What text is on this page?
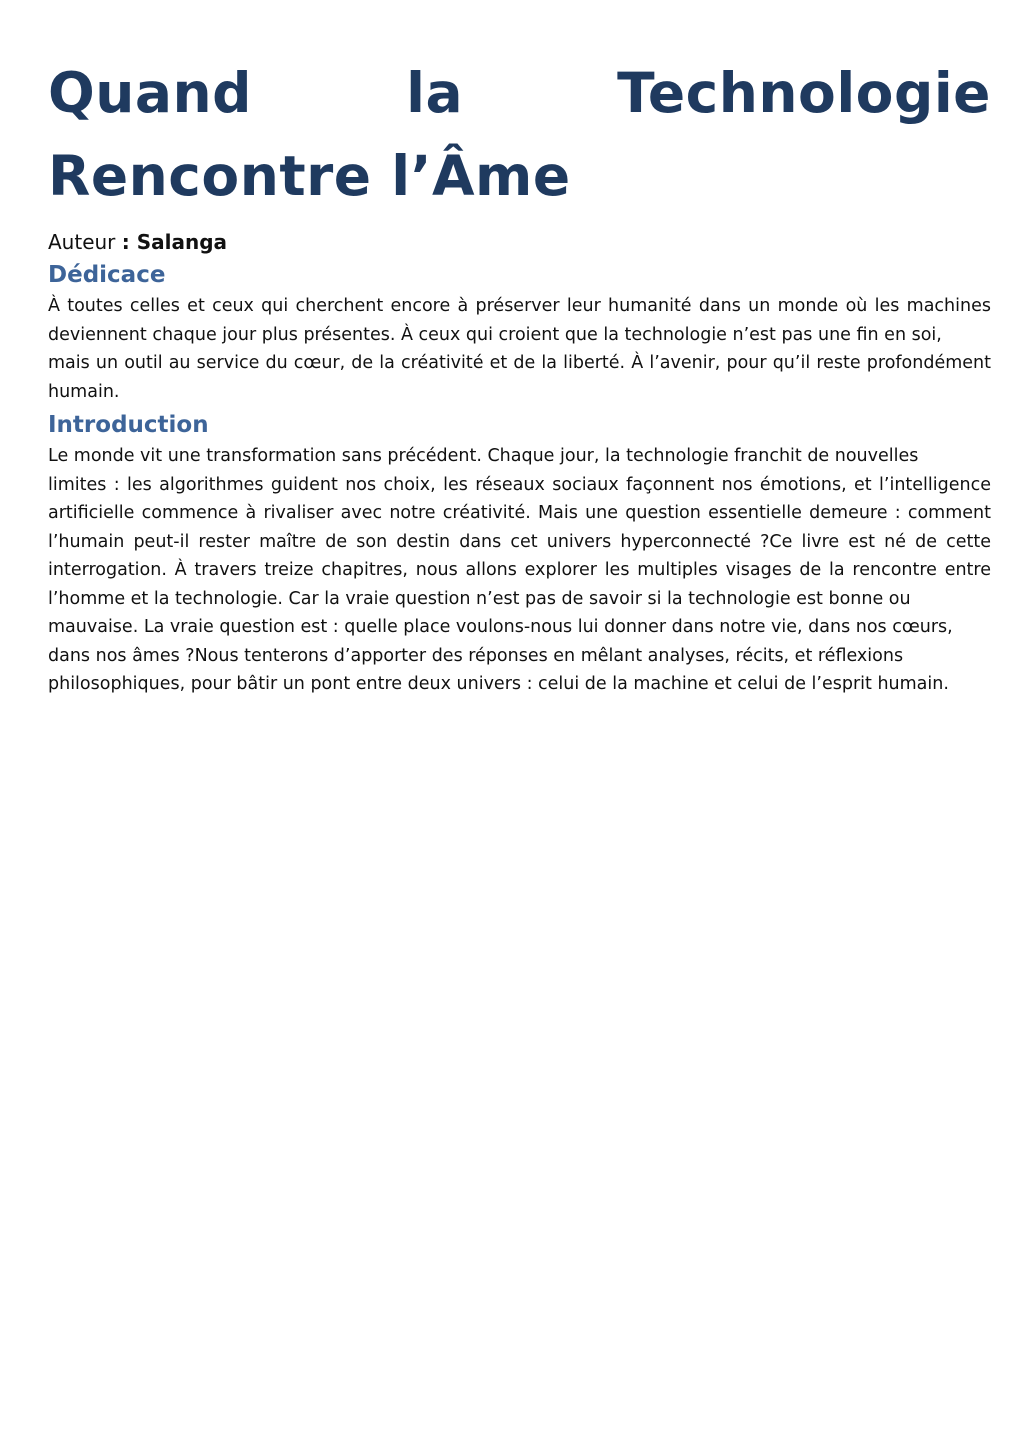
Quand la Technologie Rencontre l’Âme

Auteur : Salanga

Dédicace

À toutes celles et ceux qui cherchent encore à préserver leur humanité dans un monde où les machines
deviennent chaque jour plus présentes. À ceux qui croient que la technologie n’est pas une fin en soi,
mais un outil au service du cœur, de la créativité et de la liberté. À l’avenir, pour qu’il reste profondément
humain.

Introduction

Le monde vit une transformation sans précédent. Chaque jour, la technologie franchit de nouvelles
limites : les algorithmes guident nos choix, les réseaux sociaux façonnent nos émotions, et l’intelligence
artificielle commence à rivaliser avec notre créativité. Mais une question essentielle demeure : comment
l’humain peut-il rester maître de son destin dans cet univers hyperconnecté ?Ce livre est né de cette
interrogation. À travers treize chapitres, nous allons explorer les multiples visages de la rencontre entre
l’homme et la technologie. Car la vraie question n’est pas de savoir si la technologie est bonne ou
mauvaise. La vraie question est : quelle place voulons-nous lui donner dans notre vie, dans nos cœurs,
dans nos âmes ?Nous tenterons d’apporter des réponses en mêlant analyses, récits, et réflexions
philosophiques, pour bâtir un pont entre deux univers : celui de la machine et celui de l’esprit humain.
